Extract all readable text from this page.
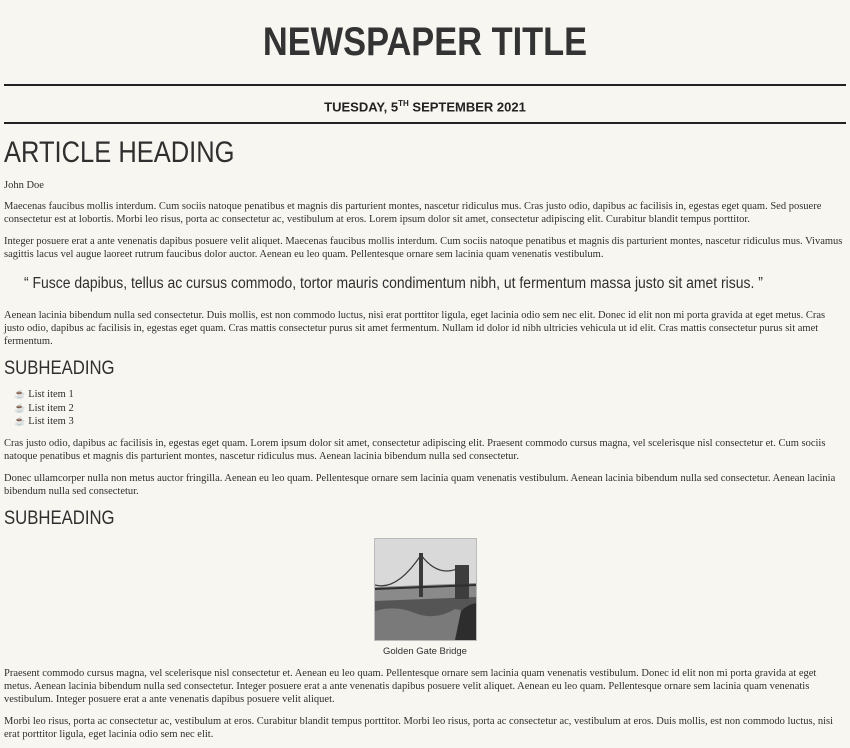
NEWSPAPER TITLE
TUESDAY, 5TH SEPTEMBER 2021
ARTICLE HEADING
John Doe

Maecenas faucibus mollis interdum. Cum sociis natoque penatibus et magnis dis parturient montes, nascetur ridiculus mus. Cras justo odio, dapibus ac facilisis in, egestas eget quam. Sed posuere consectetur est at lobortis. Morbi leo risus, porta ac consectetur ac, vestibulum at eros. Lorem ipsum dolor sit amet, consectetur adipiscing elit. Curabitur blandit tempus porttitor.

Integer posuere erat a ante venenatis dapibus posuere velit aliquet. Maecenas faucibus mollis interdum. Cum sociis natoque penatibus et magnis dis parturient montes, nascetur ridiculus mus. Vivamus sagittis lacus vel augue laoreet rutrum faucibus dolor auctor. Aenean eu leo quam. Pellentesque ornare sem lacinia quam venenatis vestibulum.

“ Fusce dapibus, tellus ac cursus commodo, tortor mauris condimentum nibh, ut fermentum massa justo sit amet risus. ”

Aenean lacinia bibendum nulla sed consectetur. Duis mollis, est non commodo luctus, nisi erat porttitor ligula, eget lacinia odio sem nec elit. Donec id elit non mi porta gravida at eget metus. Cras justo odio, dapibus ac facilisis in, egestas eget quam. Cras mattis consectetur purus sit amet fermentum. Nullam id dolor id nibh ultricies vehicula ut id elit. Cras mattis consectetur purus sit amet fermentum.

SUBHEADING
☕ List item 1
☕ List item 2
☕ List item 3

Cras justo odio, dapibus ac facilisis in, egestas eget quam. Lorem ipsum dolor sit amet, consectetur adipiscing elit. Praesent commodo cursus magna, vel scelerisque nisl consectetur et. Cum sociis natoque penatibus et magnis dis parturient montes, nascetur ridiculus mus. Aenean lacinia bibendum nulla sed consectetur.

Donec ullamcorper nulla non metus auctor fringilla. Aenean eu leo quam. Pellentesque ornare sem lacinia quam venenatis vestibulum. Aenean lacinia bibendum nulla sed consectetur. Aenean lacinia bibendum nulla sed consectetur.

SUBHEADING
Golden Gate Bridge

Praesent commodo cursus magna, vel scelerisque nisl consectetur et. Aenean eu leo quam. Pellentesque ornare sem lacinia quam venenatis vestibulum. Donec id elit non mi porta gravida at eget metus. Aenean lacinia bibendum nulla sed consectetur. Integer posuere erat a ante venenatis dapibus posuere velit aliquet. Aenean eu leo quam. Pellentesque ornare sem lacinia quam venenatis vestibulum. Integer posuere erat a ante venenatis dapibus posuere velit aliquet.

Morbi leo risus, porta ac consectetur ac, vestibulum at eros. Curabitur blandit tempus porttitor. Morbi leo risus, porta ac consectetur ac, vestibulum at eros. Duis mollis, est non commodo luctus, nisi erat porttitor ligula, eget lacinia odio sem nec elit.
